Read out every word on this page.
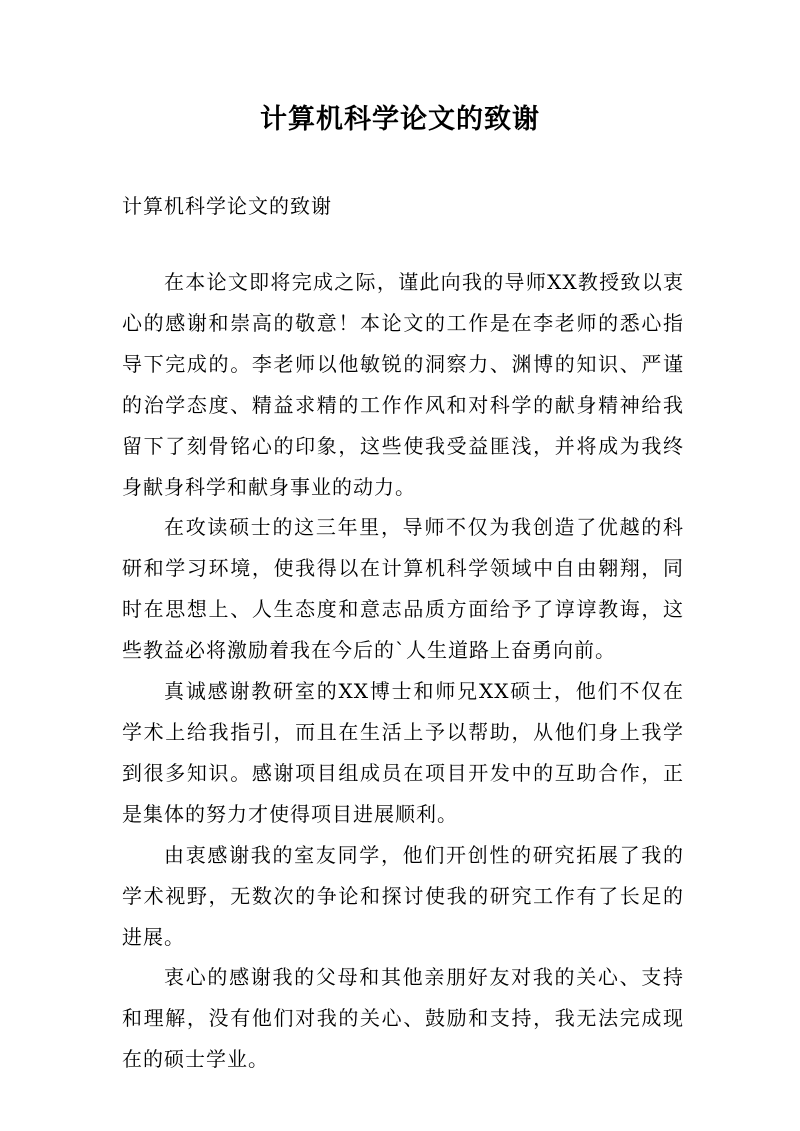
计算机科学论文的致谢
计算机科学论文的致谢

在本论文即将完成之际，谨此向我的导师XX教授致以衷心的感谢和崇高的敬意！本论文的工作是在李老师的悉心指导下完成的。李老师以他敏锐的洞察力、渊博的知识、严谨的治学态度、精益求精的工作作风和对科学的献身精神给我留下了刻骨铭心的印象，这些使我受益匪浅，并将成为我终身献身科学和献身事业的动力。

在攻读硕士的这三年里，导师不仅为我创造了优越的科研和学习环境，使我得以在计算机科学领域中自由翱翔，同时在思想上、人生态度和意志品质方面给予了谆谆教诲，这些教益必将激励着我在今后的`人生道路上奋勇向前。

真诚感谢教研室的XX博士和师兄XX硕士，他们不仅在学术上给我指引，而且在生活上予以帮助，从他们身上我学到很多知识。感谢项目组成员在项目开发中的互助合作，正是集体的努力才使得项目进展顺利。

由衷感谢我的室友同学，他们开创性的研究拓展了我的学术视野，无数次的争论和探讨使我的研究工作有了长足的进展。

衷心的感谢我的父母和其他亲朋好友对我的关心、支持和理解，没有他们对我的关心、鼓励和支持，我无法完成现在的硕士学业。
